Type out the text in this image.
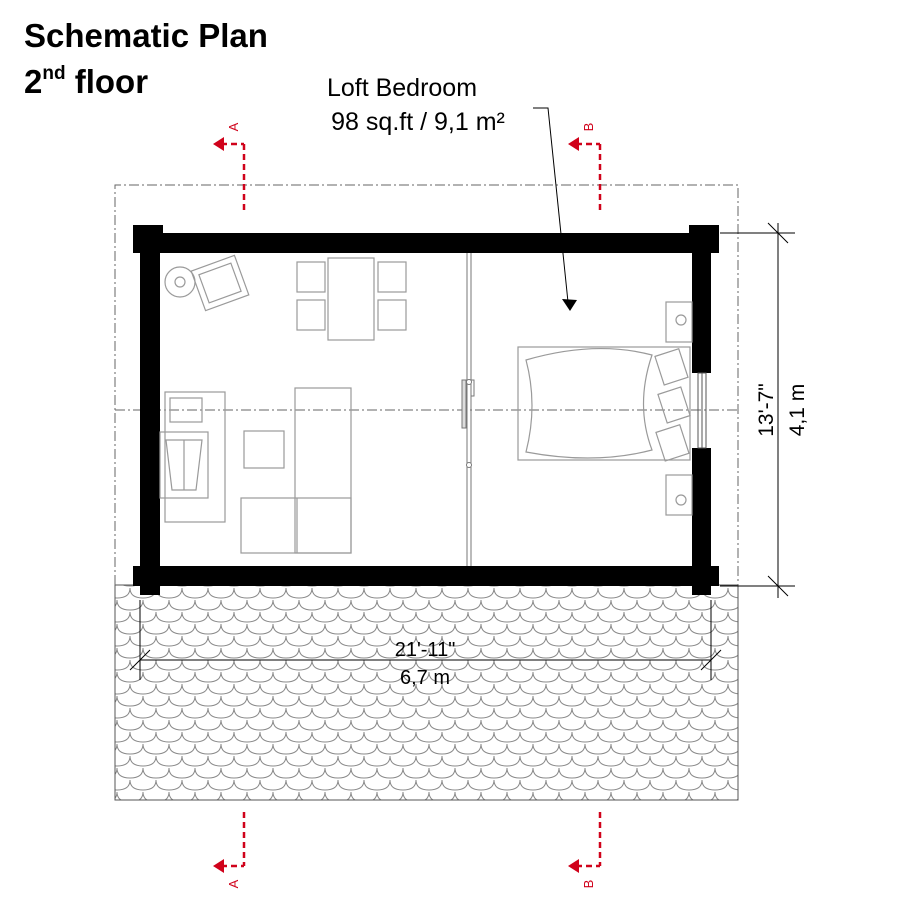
Schematic Plan
2nd floor	Loft Bedroom
98 sq.ft / 9,1 m²
21'-11"
6,7 m
13'-7" 4,1 m
A	B
A	B
